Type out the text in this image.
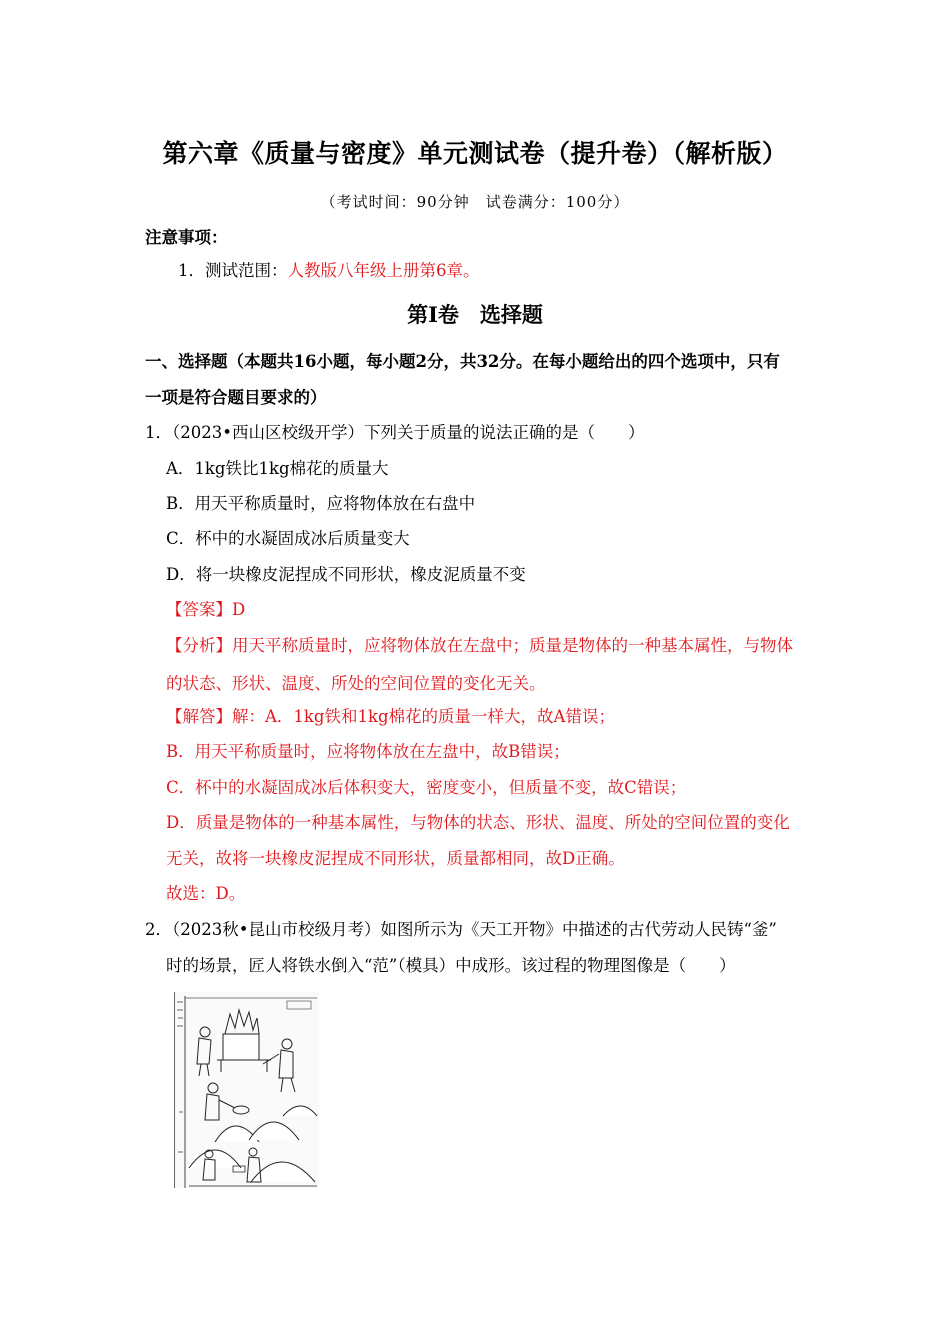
第六章《质量与密度》单元测试卷（提升卷）（解析版）
（考试时间：90分钟　试卷满分：100分）
注意事项：
1．测试范围：人教版八年级上册第6章。
第Ⅰ卷　选择题
一、选择题（本题共16小题，每小题2分，共32分。在每小题给出的四个选项中，只有
一项是符合题目要求的）
1．（2023•西山区校级开学）下列关于质量的说法正确的是（　　）
A．1kg铁比1kg棉花的质量大
B．用天平称质量时，应将物体放在右盘中
C．杯中的水凝固成冰后质量变大
D．将一块橡皮泥捏成不同形状，橡皮泥质量不变
【答案】D
【分析】用天平称质量时，应将物体放在左盘中；质量是物体的一种基本属性，与物体
的状态、形状、温度、所处的空间位置的变化无关。
【解答】解：A．1kg铁和1kg棉花的质量一样大，故A错误；
B．用天平称质量时，应将物体放在左盘中，故B错误；
C．杯中的水凝固成冰后体积变大，密度变小，但质量不变，故C错误；
D．质量是物体的一种基本属性，与物体的状态、形状、温度、所处的空间位置的变化
无关，故将一块橡皮泥捏成不同形状，质量都相同，故D正确。
故选：D。
2．（2023秋•昆山市校级月考）如图所示为《天工开物》中描述的古代劳动人民铸“釜”
时的场景，匠人将铁水倒入“范”（模具）中成形。该过程的物理图像是（　　）
